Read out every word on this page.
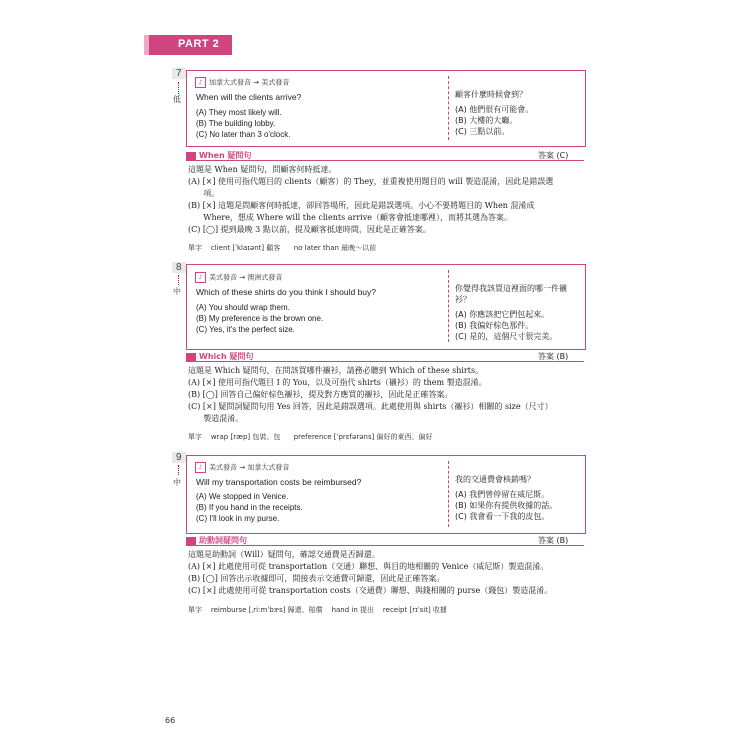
PART 2
7
低
♪ 加拿大式發音 → 美式發音
When will the clients arrive?
(A) They most likely will.
(B) The building lobby.
(C) No later than 3 o'clock.
顧客什麼時候會到？
(A) 他們很有可能會。
(B) 大樓的大廳。
(C) 三點以前。
When 疑問句	答案 (C)
這題是 When 疑問句，問顧客何時抵達。
(A) [×] 使用可指代題目的 clients（顧客）的 They，並重複使用題目的 will 製造混淆，因此是錯誤選
項。
(B) [×] 這題是問顧客何時抵達，卻回答場所，因此是錯誤選項。小心不要將題目的 When 混淆成
Where，想成 Where will the clients arrive（顧客會抵達哪裡），而將其選為答案。
(C) [◯] 提到最晚 3 點以前，提及顧客抵達時間，因此是正確答案。
單字    client [ˈklaɪənt] 顧客      no later than 最晚～以前
8
中
♪ 美式發音 → 澳洲式發音
Which of these shirts do you think I should buy?
(A) You should wrap them.
(B) My preference is the brown one.
(C) Yes, it's the perfect size.
你覺得我該買這裡面的哪一件襯衫？
(A) 你應該把它們包起來。
(B) 我偏好棕色那件。
(C) 是的，這個尺寸很完美。
Which 疑問句	答案 (B)
這題是 Which 疑問句，在問該買哪件襯衫，請務必聽到 Which of these shirts。
(A) [×] 使用可指代題目 I 的 You，以及可指代 shirts（襯衫）的 them 製造混淆。
(B) [◯] 回答自己偏好棕色襯衫，提及對方應買的襯衫，因此是正確答案。
(C) [×] 疑問詞疑問句用 Yes 回答，因此是錯誤選項。此處使用與 shirts（襯衫）相關的 size（尺寸）
製造混淆。
單字    wrap [ræp] 包裝、包      preference [ˈprɛfərəns] 偏好的東西、偏好
9
中
♪ 美式發音 → 加拿大式發音
Will my transportation costs be reimbursed?
(A) We stopped in Venice.
(B) If you hand in the receipts.
(C) I'll look in my purse.
我的交通費會核銷嗎？
(A) 我們曾停留在威尼斯。
(B) 如果你有提供收據的話。
(C) 我會看一下我的皮包。
助動詞疑問句	答案 (B)
這題是助動詞（Will）疑問句，確認交通費是否歸還。
(A) [×] 此處使用可從 transportation（交通）聯想、與目的地相關的 Venice（威尼斯）製造混淆。
(B) [◯] 回答出示收據即可，間接表示交通費可歸還，因此是正確答案。
(C) [×] 此處使用可從 transportation costs（交通費）聯想、與錢相關的 purse（錢包）製造混淆。
單字    reimburse [ˌriːmˈbɝs] 歸還、賠償    hand in 提出    receipt [rɪˈsit] 收據
66
